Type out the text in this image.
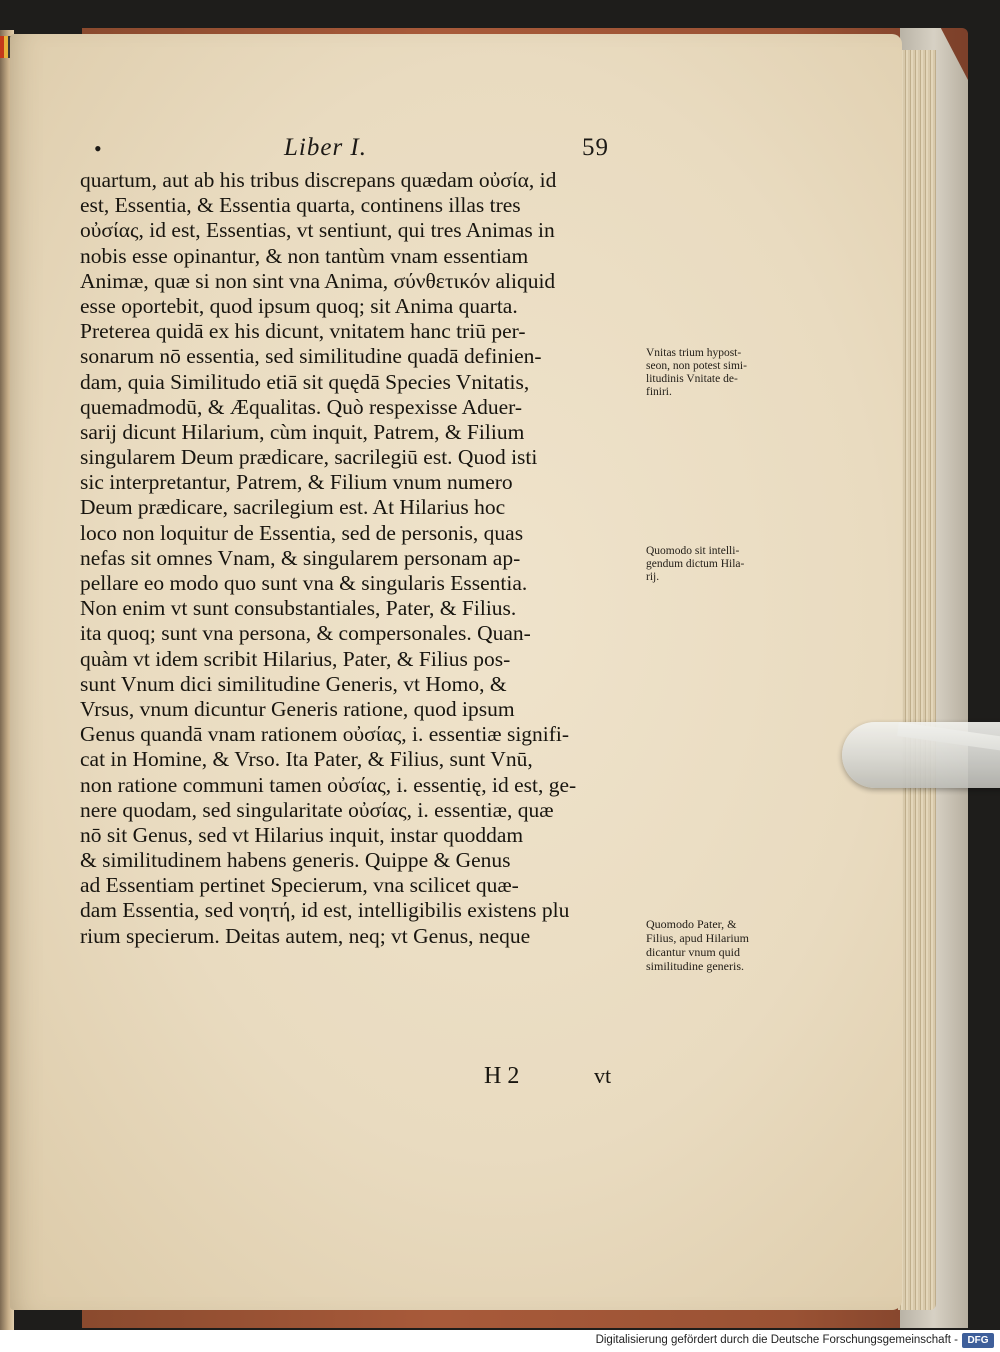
•	Liber I.	59
quartum, aut ab his tribus discrepans quædam οὐσία, id
est, Essentia, & Essentia quarta, continens illas tres
οὐσίας, id est, Essentias, vt sentiunt, qui tres Animas in
nobis esse opinantur, & non tantùm vnam essentiam
Animæ, quæ si non sint vna Anima, σύνθετικόν aliquid
esse oportebit, quod ipsum quoq; sit Anima quarta.
Preterea quidā ex his dicunt, vnitatem hanc triū per-
sonarum nō essentia, sed similitudine quadā definien-
dam, quia Similitudo etiā sit quędā Species Vnitatis,
quemadmodū, & Æqualitas. Quò respexisse Aduer-
sarij dicunt Hilarium, cùm inquit, Patrem, & Filium
singularem Deum prædicare, sacrilegiū est. Quod isti
sic interpretantur, Patrem, & Filium vnum numero
Deum prædicare, sacrilegium est. At Hilarius hoc
loco non loquitur de Essentia, sed de personis, quas
nefas sit omnes Vnam, & singularem personam ap-
pellare eo modo quo sunt vna & singularis Essentia.
Non enim vt sunt consubstantiales, Pater, & Filius.
ita quoq; sunt vna persona, & compersonales. Quan-
quàm vt idem scribit Hilarius, Pater, & Filius pos-
sunt Vnum dici similitudine Generis, vt Homo, &
Vrsus, vnum dicuntur Generis ratione, quod ipsum
Genus quandā vnam rationem οὐσίας, i. essentiæ signifi-
cat in Homine, & Vrso. Ita Pater, & Filius, sunt Vnū,
non ratione communi tamen οὐσίας, i. essentię, id est, ge-
nere quodam, sed singularitate οὐσίας, i. essentiæ, quæ
nō sit Genus, sed vt Hilarius inquit, instar quoddam
& similitudinem habens generis. Quippe & Genus
ad Essentiam pertinet Specierum, vna scilicet quæ-
dam Essentia, sed νοητή, id est, intelligibilis existens plu
rium specierum. Deitas autem, neq; vt Genus, neque
Vnitas trium hypost-
seon, non potest simi-
litudinis Vnitate de-
finiri.
Quomodo sit intelli-
gendum dictum Hila-
rij.
Quomodo Pater, &
Filius, apud Hilarium
dicantur vnum quid
similitudine generis.
H 2	vt
Digitalisierung gefördert durch die Deutsche Forschungsgemeinschaft - DFG
